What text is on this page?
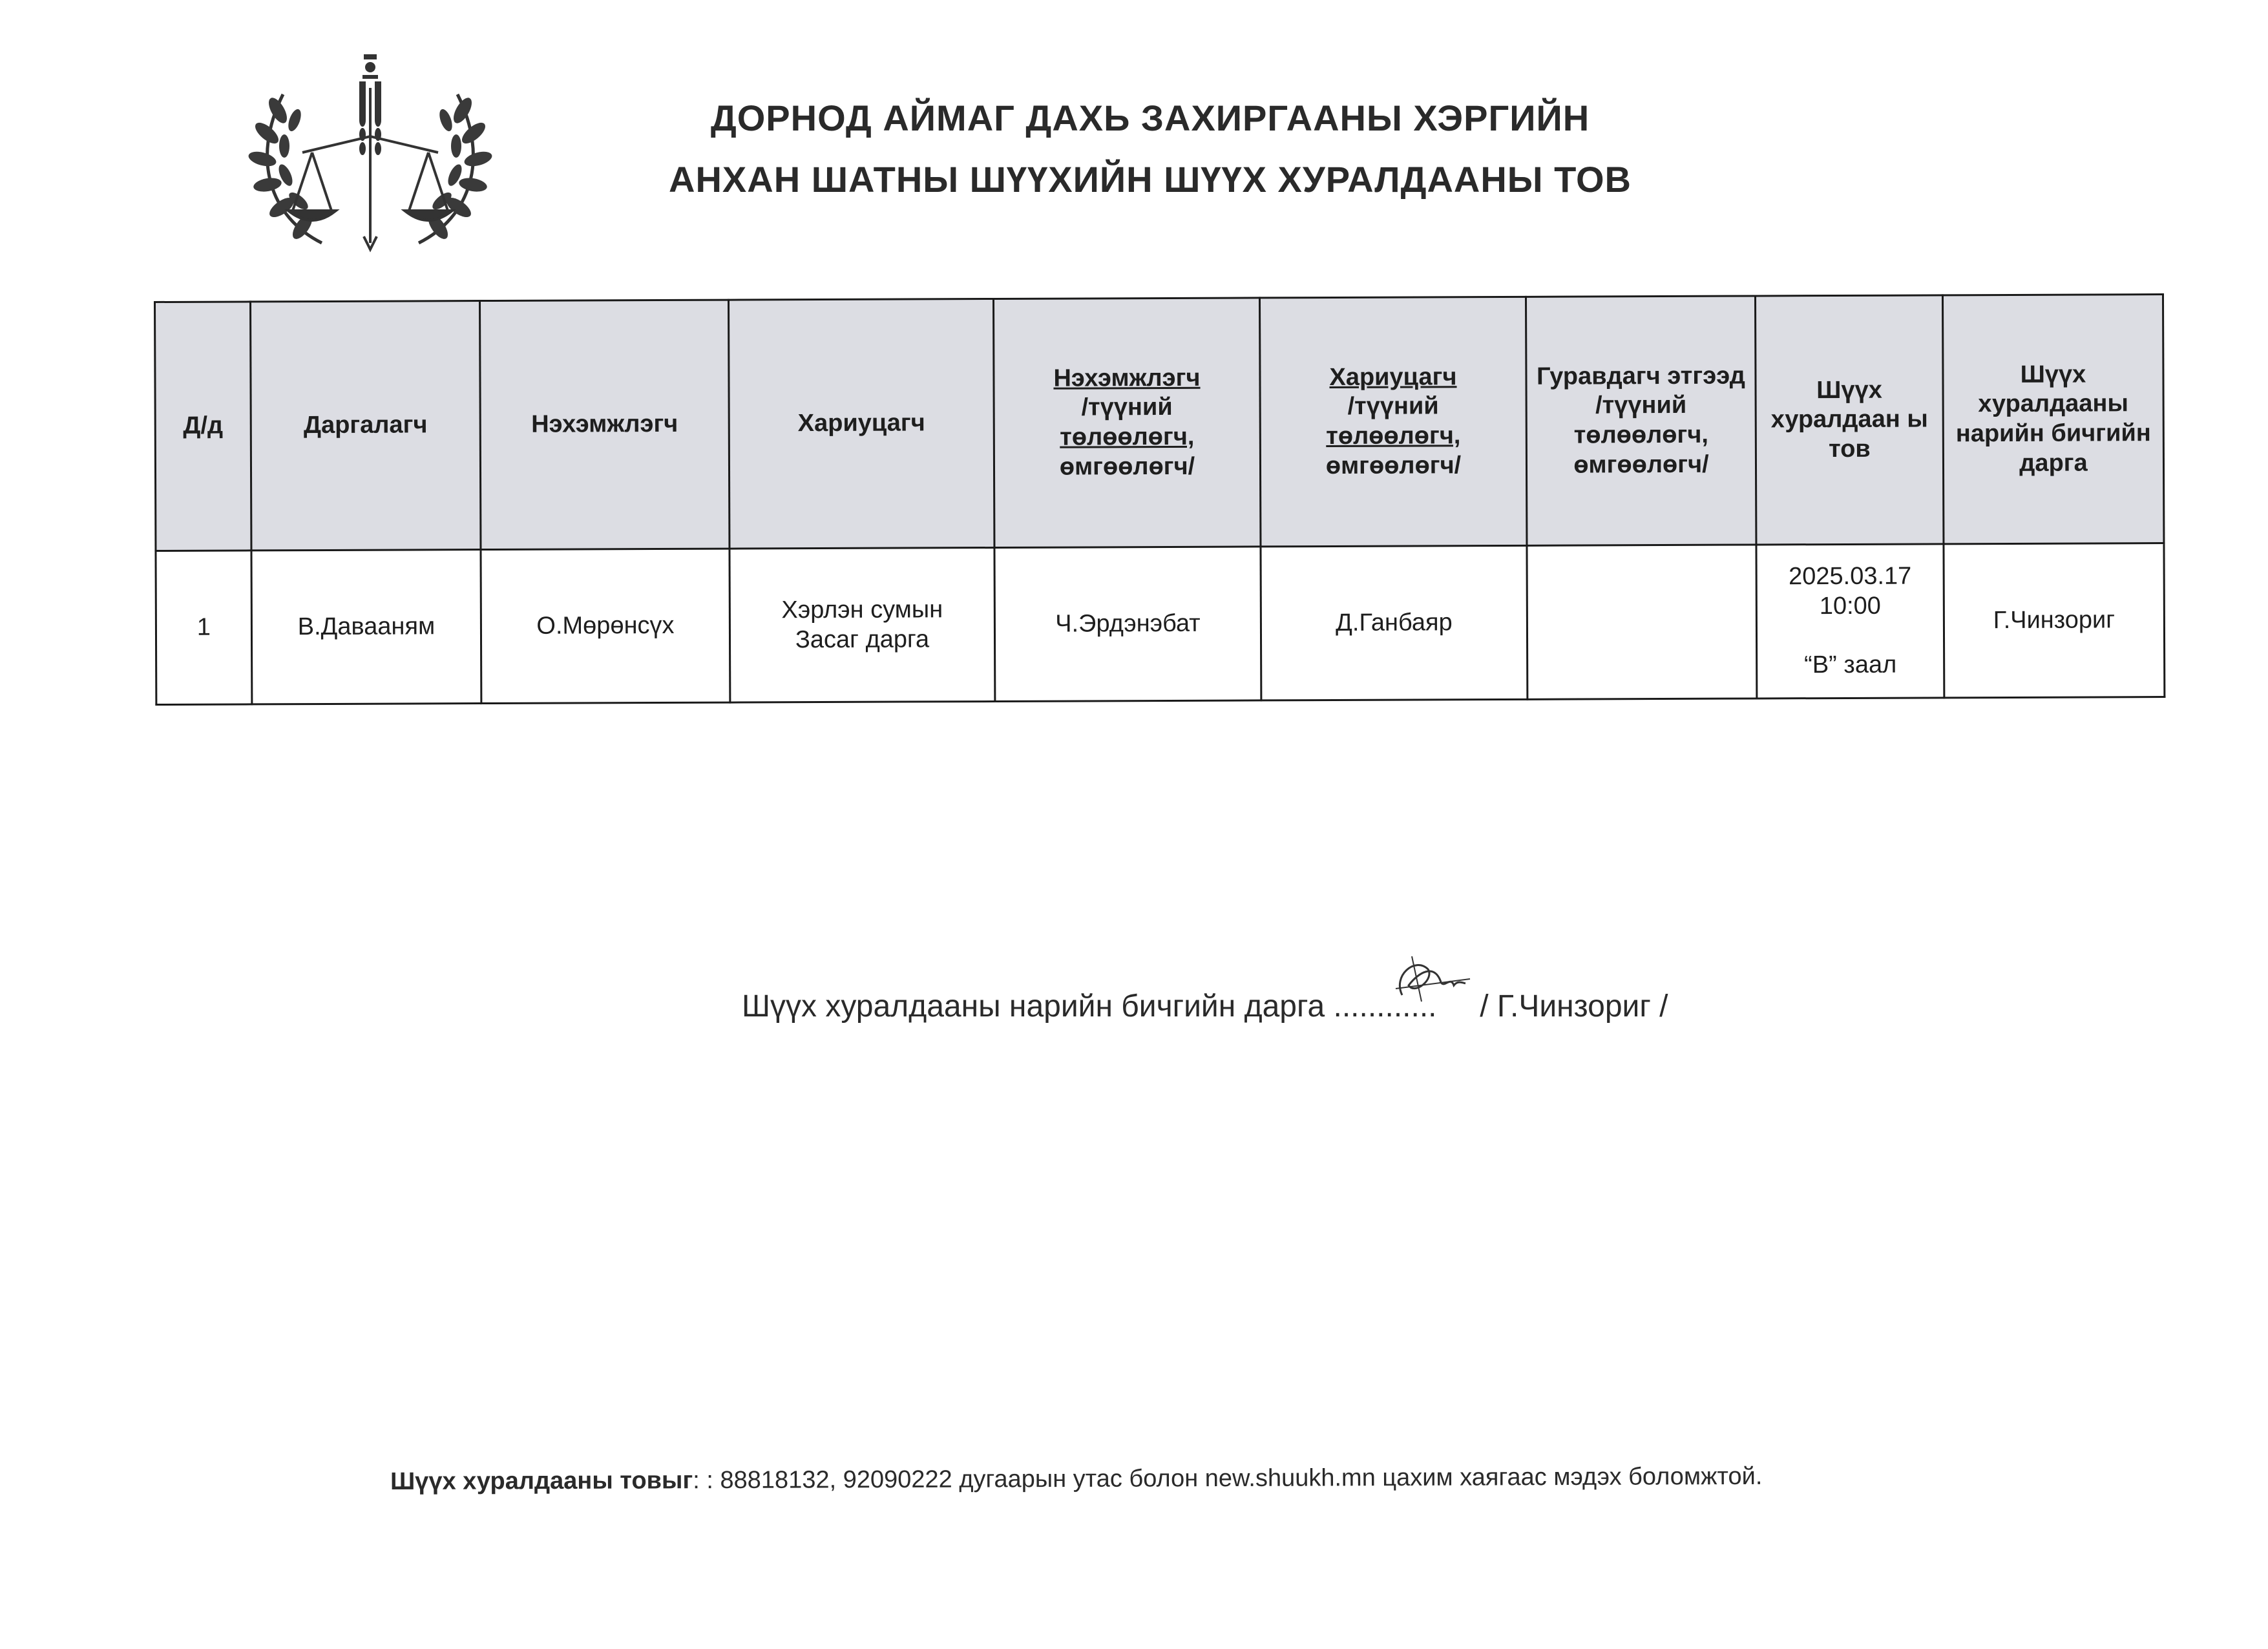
ДОРНОД АЙМАГ ДАХЬ ЗАХИРГААНЫ ХЭРГИЙН
АНХАН ШАТНЫ ШҮҮХИЙН ШҮҮХ ХУРАЛДААНЫ ТОВ
Д/д	Даргалагч	Нэхэмжлэгч	Хариуцагч	Нэхэмжлэгч
/түүний
төлөөлөгч,
өмгөөлөгч/	Хариуцагч
/түүний
төлөөлөгч,
өмгөөлөгч/	Гуравдагч этгээд /түүний төлөөлөгч, өмгөөлөгч/	Шүүх хуралдаан ы тов	Шүүх хуралдааны нарийн бичгийн дарга
1	В.Давааням	О.Мөрөнсүх	Хэрлэн сумын
Засаг дарга	Ч.Эрдэнэбат	Д.Ганбаяр		2025.03.17
10:00
“В” заал	Г.Чинзориг
Шүүх хуралдааны нарийн бичгийн дарга ............ / Г.Чинзориг /
Шүүх хуралдааны товыг: : 88818132, 92090222 дугаарын утас болон new.shuukh.mn цахим хаягаас мэдэх боломжтой.
